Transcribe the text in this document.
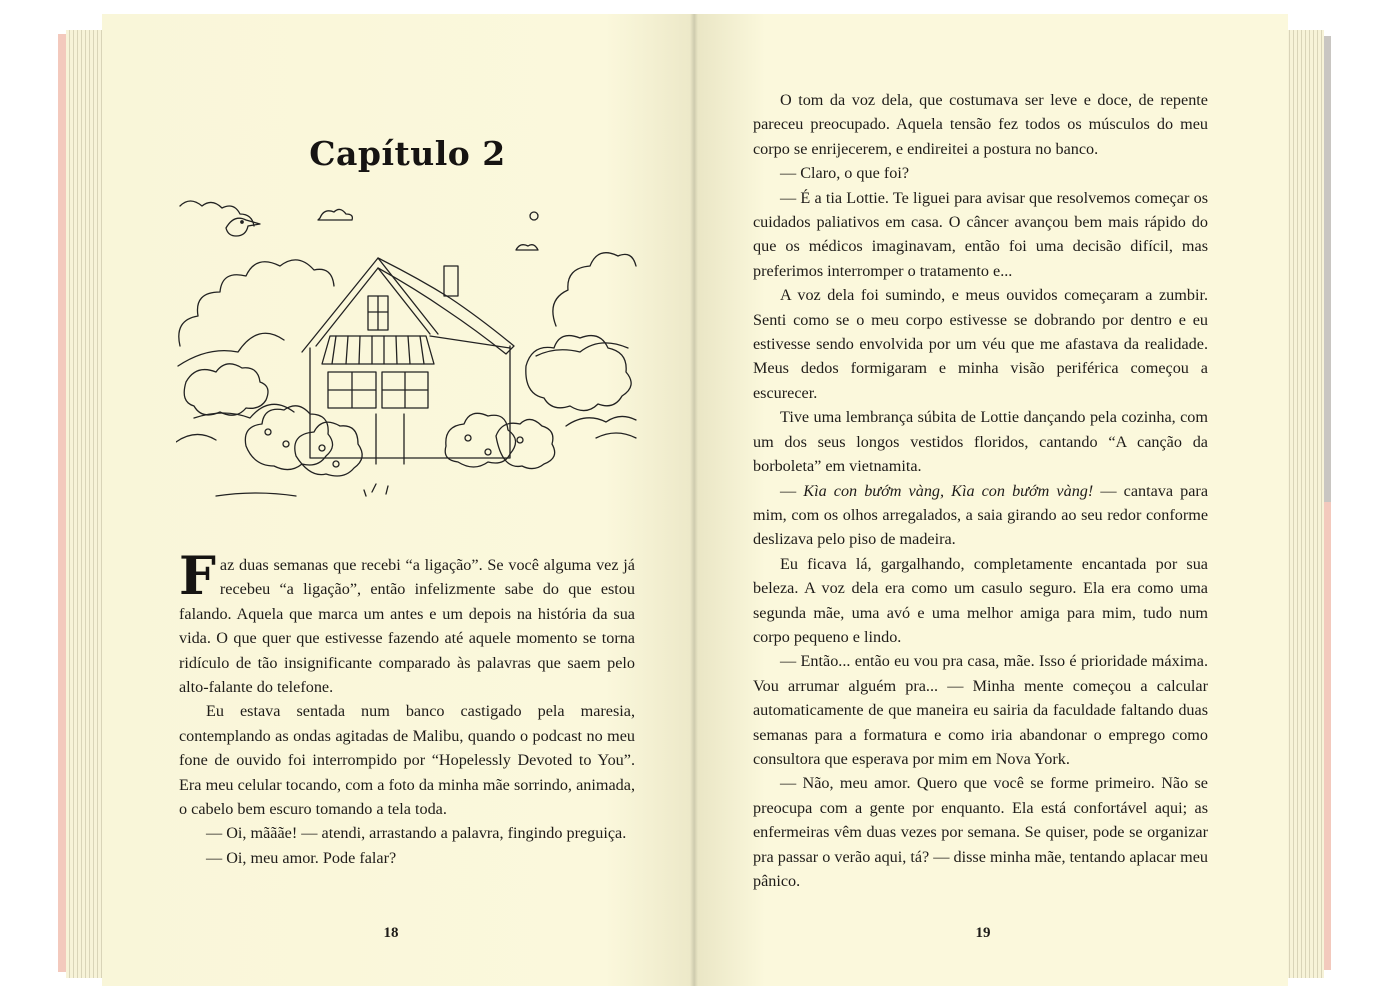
Capítulo 2

Faz duas semanas que recebi “a ligação”. Se você alguma vez já recebeu “a ligação”, então infelizmente sabe do que estou falando. Aquela que marca um antes e um depois na história da sua vida. O que quer que estivesse fazendo até aquele momento se torna ridículo de tão insignificante comparado às palavras que saem pelo alto-falante do telefone.

Eu estava sentada num banco castigado pela maresia, contemplando as ondas agitadas de Malibu, quando o podcast no meu fone de ouvido foi interrompido por “Hopelessly Devoted to You”. Era meu celular tocando, com a foto da minha mãe sorrindo, animada, o cabelo bem escuro tomando a tela toda.

— Oi, mãããe! — atendi, arrastando a palavra, fingindo preguiça.

— Oi, meu amor. Pode falar?

O tom da voz dela, que costumava ser leve e doce, de repente pareceu preocupado. Aquela tensão fez todos os músculos do meu corpo se enrijecerem, e endireitei a postura no banco.

— Claro, o que foi?

— É a tia Lottie. Te liguei para avisar que resolvemos começar os cuidados paliativos em casa. O câncer avançou bem mais rápido do que os médicos imaginavam, então foi uma decisão difícil, mas preferimos interromper o tratamento e...

A voz dela foi sumindo, e meus ouvidos começaram a zumbir. Senti como se o meu corpo estivesse se dobrando por dentro e eu estivesse sendo envolvida por um véu que me afastava da realidade. Meus dedos formigaram e minha visão periférica começou a escurecer.

Tive uma lembrança súbita de Lottie dançando pela cozinha, com um dos seus longos vestidos floridos, cantando “A canção da borboleta” em vietnamita.

— Kìa con bướm vàng, Kìa con bướm vàng! — cantava para mim, com os olhos arregalados, a saia girando ao seu redor conforme deslizava pelo piso de madeira.

Eu ficava lá, gargalhando, completamente encantada por sua beleza. A voz dela era como um casulo seguro. Ela era como uma segunda mãe, uma avó e uma melhor amiga para mim, tudo num corpo pequeno e lindo.

— Então... então eu vou pra casa, mãe. Isso é prioridade máxima. Vou arrumar alguém pra... — Minha mente começou a calcular automaticamente de que maneira eu sairia da faculdade faltando duas semanas para a formatura e como iria abandonar o emprego como consultora que esperava por mim em Nova York.

— Não, meu amor. Quero que você se forme primeiro. Não se preocupa com a gente por enquanto. Ela está confortável aqui; as enfermeiras vêm duas vezes por semana. Se quiser, pode se organizar pra passar o verão aqui, tá? — disse minha mãe, tentando aplacar meu pânico.

18	19
